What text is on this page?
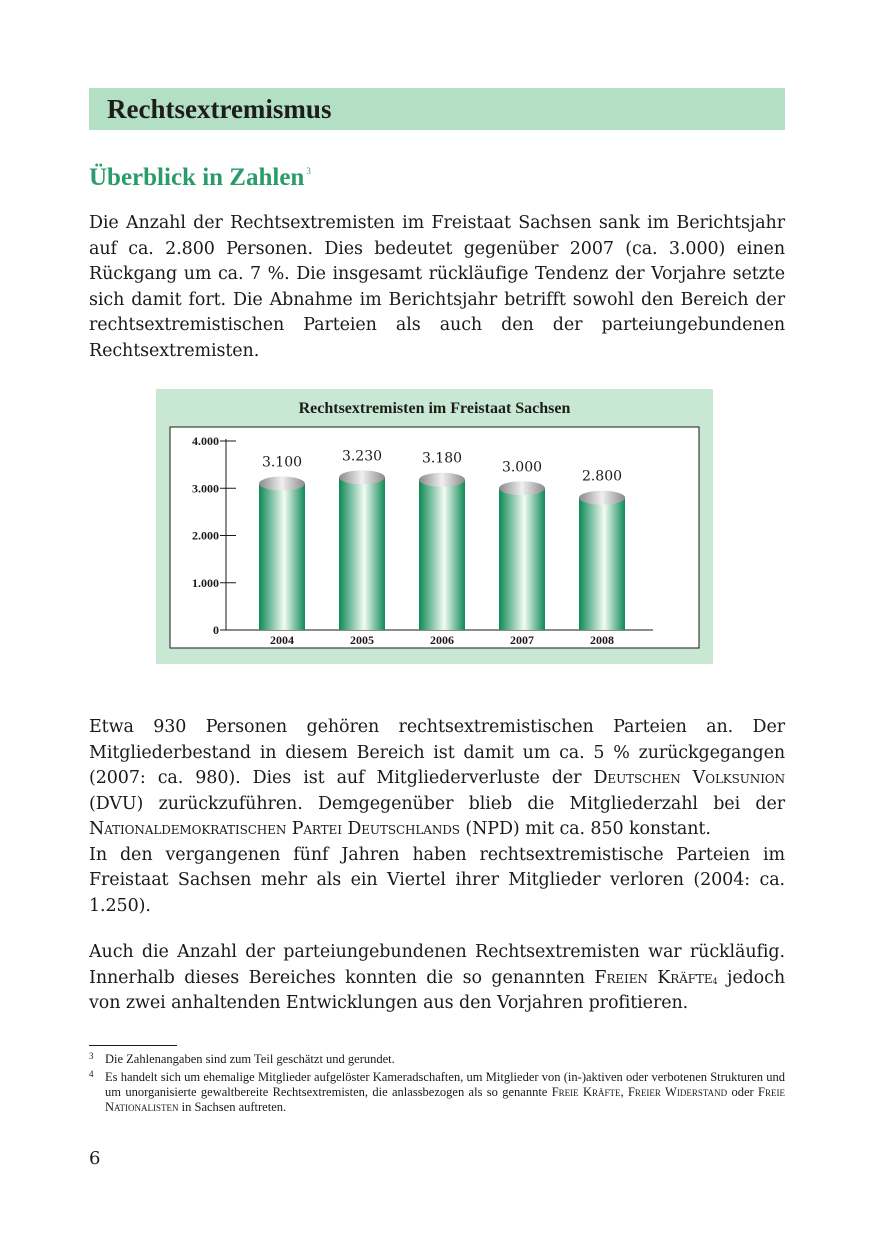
Rechtsextremismus
Überblick in Zahlen $^3$

Die Anzahl der Rechtsextremisten im Freistaat Sachsen sank im Berichtsjahr auf ca. 2.800 Personen. Dies bedeutet gegenüber 2007 (ca. 3.000) einen Rückgang um ca. 7 %. Die insgesamt rückläufige Tendenz der Vorjahre setzte sich damit fort. Die Abnahme im Berichtsjahr betrifft sowohl den Bereich der rechtsextremistischen Parteien als auch den der parteiungebundenen Rechtsextremisten.

Rechtsextremisten im Freistaat Sachsen

0
1.000
2.000
3.000
4.000
3.100
2004
3.230
2005
3.180
2006
3.000
2007
2.800
2008

Etwa 930 Personen gehören rechtsextremistischen Parteien an. Der Mitgliederbestand in diesem Bereich ist damit um ca. 5 % zurückgegangen (2007: ca. 980). Dies ist auf Mitgliederverluste der Deutschen Volksunion (DVU) zurückzuführen. Demgegenüber blieb die Mitgliederzahl bei der Nationaldemokratischen Partei Deutschlands (NPD) mit ca. 850 konstant.
In den vergangenen fünf Jahren haben rechtsextremistische Parteien im Freistaat Sachsen mehr als ein Viertel ihrer Mitglieder verloren (2004: ca. 1.250).

Auch die Anzahl der parteiungebundenen Rechtsextremisten war rückläufig. Innerhalb dieses Bereiches konnten die so genannten Freien Kräfte$^4$ jedoch von zwei anhaltenden Entwicklungen aus den Vorjahren profitieren.

3 Die Zahlenangaben sind zum Teil geschätzt und gerundet.

4 Es handelt sich um ehemalige Mitglieder aufgelöster Kameradschaften, um Mitglieder von (in-)aktiven oder verbotenen Strukturen und um unorganisierte gewaltbereite Rechtsextremisten, die anlassbezogen als so genannte Freie Kräfte, Freier Widerstand oder Freie Nationalisten in Sachsen auftreten.

6
